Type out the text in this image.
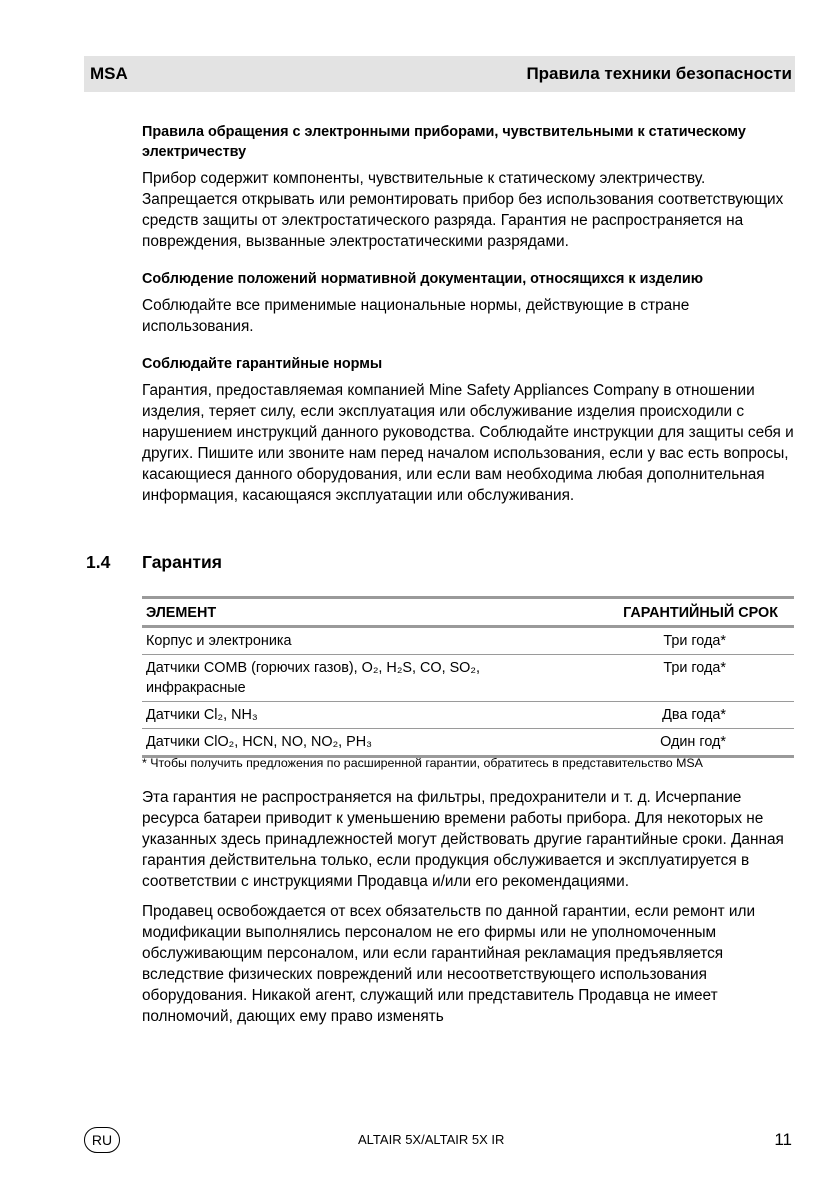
MSA	Правила техники безопасности

Правила обращения с электронными приборами, чувствительными к статическому электричеству

Прибор содержит компоненты, чувствительные к статическому электричеству. Запрещается открывать или ремонтировать прибор без использования соответствующих средств защиты от электростатического разряда. Гарантия не распространяется на повреждения, вызванные электростатическими разрядами.

Соблюдение положений нормативной документации, относящихся к изделию

Соблюдайте все применимые национальные нормы, действующие в стране использования.

Соблюдайте гарантийные нормы

Гарантия, предоставляемая компанией Mine Safety Appliances Company в отношении изделия, теряет силу, если эксплуатация или обслуживание изделия происходили с нарушением инструкций данного руководства. Соблюдайте инструкции для защиты себя и других. Пишите или звоните нам перед началом использования, если у вас есть вопросы, касающиеся данного оборудования, или если вам необходима любая дополнительная информация, касающаяся эксплуатации или обслуживания.

1.4 Гарантия
ЭЛЕМЕНТ	ГАРАНТИЙНЫЙ СРОК
Корпус и электроника	Три года*
Датчики COMB (горючих газов), O₂, H₂S, CO, SO₂, инфракрасные	Три года*
Датчики Cl₂, NH₃	Два года*
Датчики ClO₂, HCN, NO, NO₂, PH₃	Один год*
* Чтобы получить предложения по расширенной гарантии, обратитесь в представительство MSA

Эта гарантия не распространяется на фильтры, предохранители и т. д. Исчерпание ресурса батареи приводит к уменьшению времени работы прибора. Для некоторых не указанных здесь принадлежностей могут действовать другие гарантийные сроки. Данная гарантия действительна только, если продукция обслуживается и эксплуатируется в соответствии с инструкциями Продавца и/или его рекомендациями.

Продавец освобождается от всех обязательств по данной гарантии, если ремонт или модификации выполнялись персоналом не его фирмы или не уполномоченным обслуживающим персоналом, или если гарантийная рекламация предъявляется вследствие физических повреждений или несоответствующего использования оборудования. Никакой агент, служащий или представитель Продавца не имеет полномочий, дающих ему право изменять

RU	ALTAIR 5X/ALTAIR 5X IR	11
